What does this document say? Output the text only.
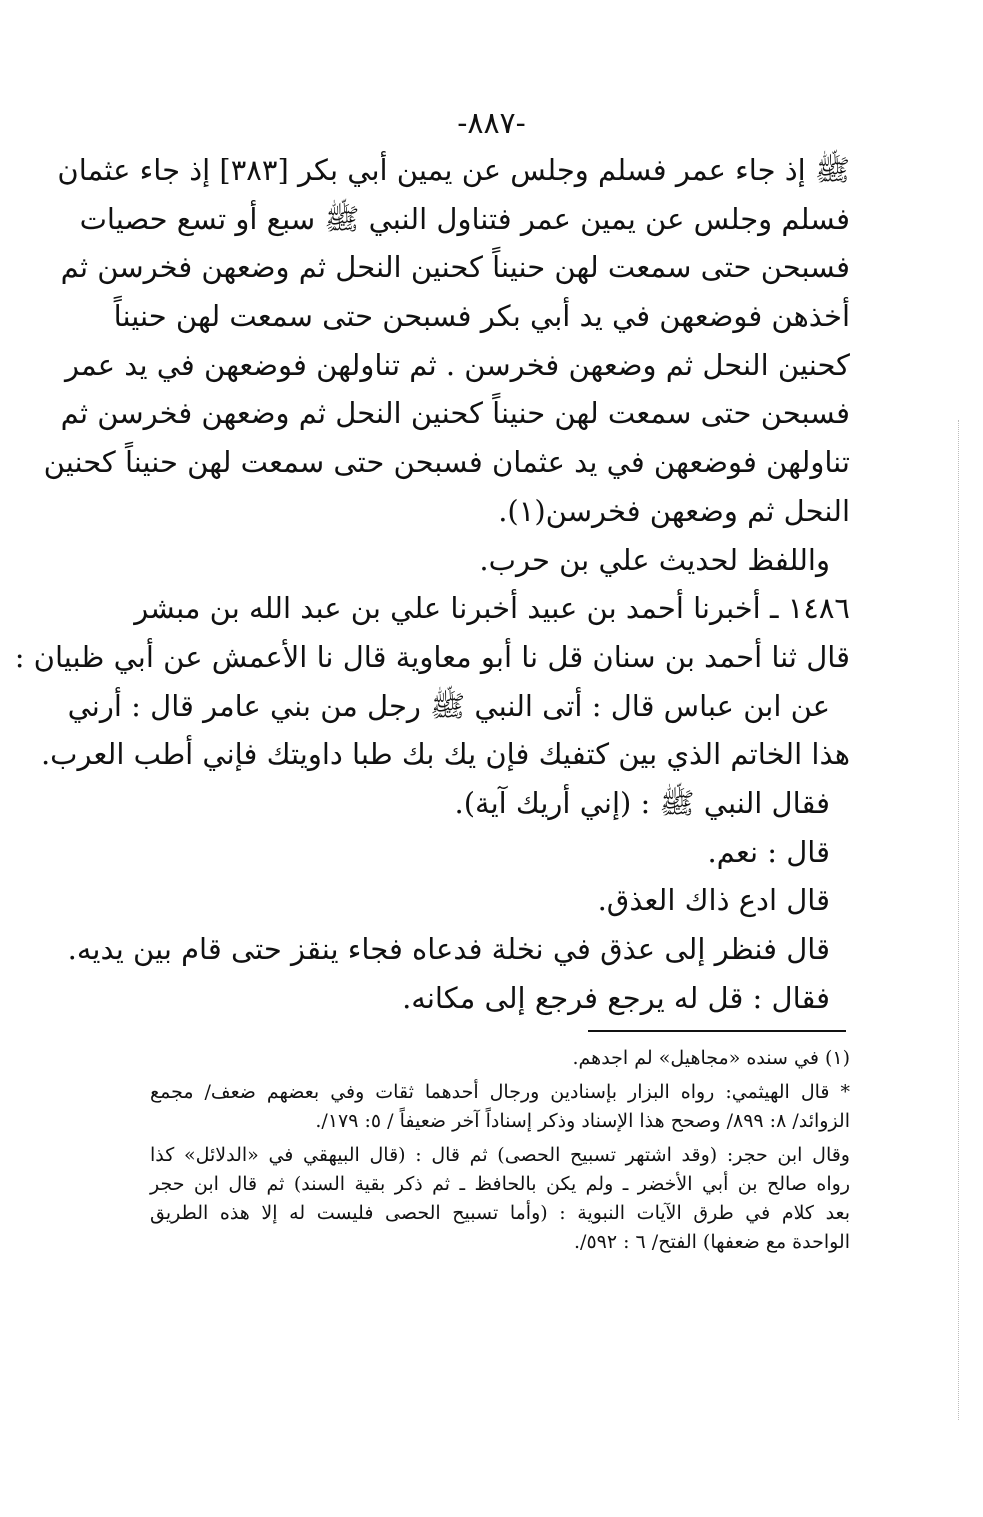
-٨٨٧-
ﷺ إذ جاء عمر فسلم وجلس عن يمين أبي بكر [٣٨٣] إذ جاء عثمان
فسلم وجلس عن يمين عمر فتناول النبي ﷺ سبع أو تسع حصيات
فسبحن حتى سمعت لهن حنيناً كحنين النحل ثم وضعهن فخرسن ثم
أخذهن فوضعهن في يد أبي بكر فسبحن حتى سمعت لهن حنيناً
كحنين النحل ثم وضعهن فخرسن . ثم تناولهن فوضعهن في يد عمر
فسبحن حتى سمعت لهن حنيناً كحنين النحل ثم وضعهن فخرسن ثم
تناولهن فوضعهن في يد عثمان فسبحن حتى سمعت لهن حنيناً كحنين
النحل ثم وضعهن فخرسن(١).
واللفظ لحديث علي بن حرب.
١٤٨٦ ـ أخبرنا أحمد بن عبيد أخبرنا علي بن عبد الله بن مبشر
قال ثنا أحمد بن سنان قل نا أبو معاوية قال نا الأعمش عن أبي ظبيان :
عن ابن عباس قال : أتى النبي ﷺ رجل من بني عامر قال : أرني
هذا الخاتم الذي بين كتفيك فإن يك بك طبا داويتك فإني أطب العرب.
فقال النبي ﷺ : (إني أريك آية).
قال : نعم.
قال ادع ذاك العذق.
قال فنظر إلى عذق في نخلة فدعاه فجاء ينقز حتى قام بين يديه.
فقال : قل له يرجع فرجع إلى مكانه.
(١) في سنده «مجاهيل» لم اجدهم.
* قال الهيثمي: رواه البزار بإسنادين ورجال أحدهما ثقات وفي بعضهم ضعف/ مجمع
الزوائد/ ٨: ٨٩٩/ وصحح هذا الإسناد وذكر إسناداً آخر ضعيفاً / ٥: ١٧٩/.
وقال ابن حجر: (وقد اشتهر تسبيح الحصى) ثم قال : (قال البيهقي في «الدلائل» كذا
رواه صالح بن أبي الأخضر ـ ولم يكن بالحافظ ـ ثم ذكر بقية السند) ثم قال ابن حجر
بعد كلام في طرق الآيات النبوية : (وأما تسبيح الحصى فليست له إلا هذه الطريق
الواحدة مع ضعفها) الفتح/ ٦ : ٥٩٢/.
